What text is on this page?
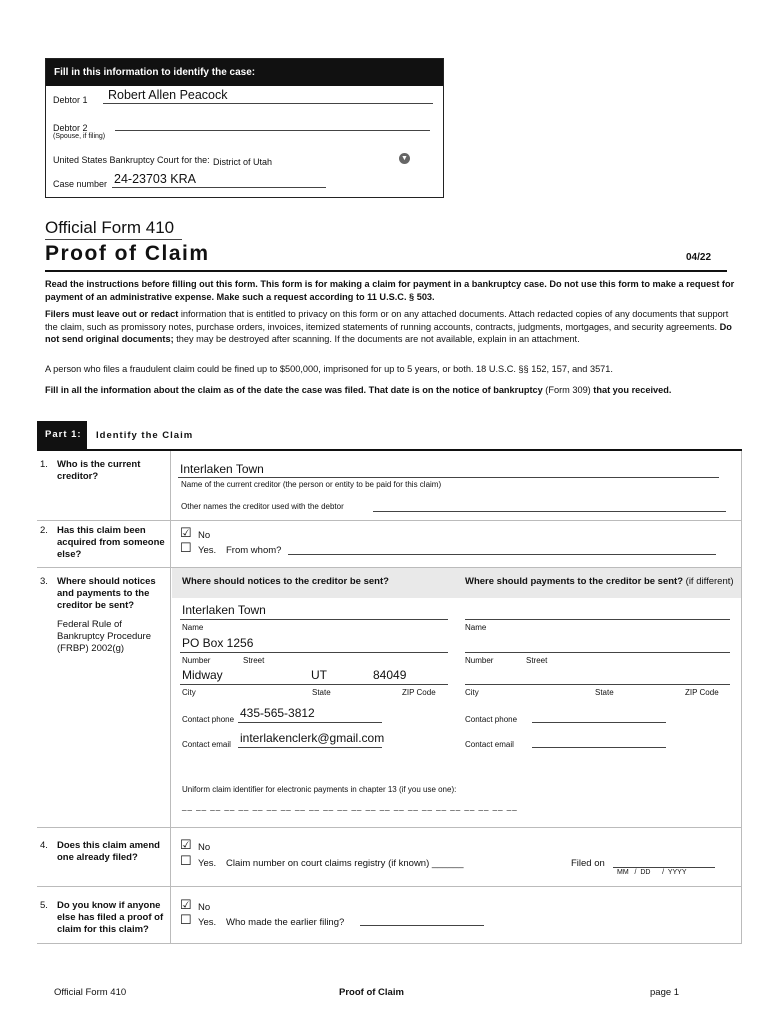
Fill in this information to identify the case:
Debtor 1 Robert Allen Peacock
Debtor 2
(Spouse, if filing)
United States Bankruptcy Court for the: District of Utah	▼
Case number 24-23703 KRA
Official Form 410
Proof of Claim	04/22
Read the instructions before filling out this form. This form is for making a claim for payment in a bankruptcy case. Do not use this form to make a request for payment of an administrative expense. Make such a request according to 11 U.S.C. § 503.
Filers must leave out or redact information that is entitled to privacy on this form or on any attached documents. Attach redacted copies of any documents that support the claim, such as promissory notes, purchase orders, invoices, itemized statements of running accounts, contracts, judgments, mortgages, and security agreements. Do not send original documents; they may be destroyed after scanning. If the documents are not available, explain in an attachment.
A person who files a fraudulent claim could be fined up to $500,000, imprisoned for up to 5 years, or both. 18 U.S.C. §§ 152, 157, and 3571.
Fill in all the information about the claim as of the date the case was filed. That date is on the notice of bankruptcy (Form 309) that you received.
Part 1:	Identify the Claim
1. Who is the current creditor?
Interlaken Town
Name of the current creditor (the person or entity to be paid for this claim)
Other names the creditor used with the debtor
2. Has this claim been acquired from someone else?
☑ No
☐ Yes. From whom?
3. Where should notices and payments to the creditor be sent?
Federal Rule of Bankruptcy Procedure (FRBP) 2002(g)
Where should notices to the creditor be sent?	Where should payments to the creditor be sent? (if different)
Interlaken Town
Name
PO Box 1256
Number	Street
Midway	UT	84049
City	State	ZIP Code
Contact phone 435-565-3812
Contact email interlakenclerk@gmail.com
Name
Number	Street
City	State	ZIP Code
Contact phone
Contact email
Uniform claim identifier for electronic payments in chapter 13 (if you use one):
__ __ __ __ __ __ __ __ __ __ __ __ __ __ __ __ __ __ __ __ __ __ __ __
4. Does this claim amend one already filed?
☑ No
☐ Yes. Claim number on court claims registry (if known) ______	Filed on
MM   /  DD      /  YYYY
5. Do you know if anyone else has filed a proof of claim for this claim?
☑ No
☐ Yes. Who made the earlier filing?
Official Form 410	Proof of Claim	page 1
